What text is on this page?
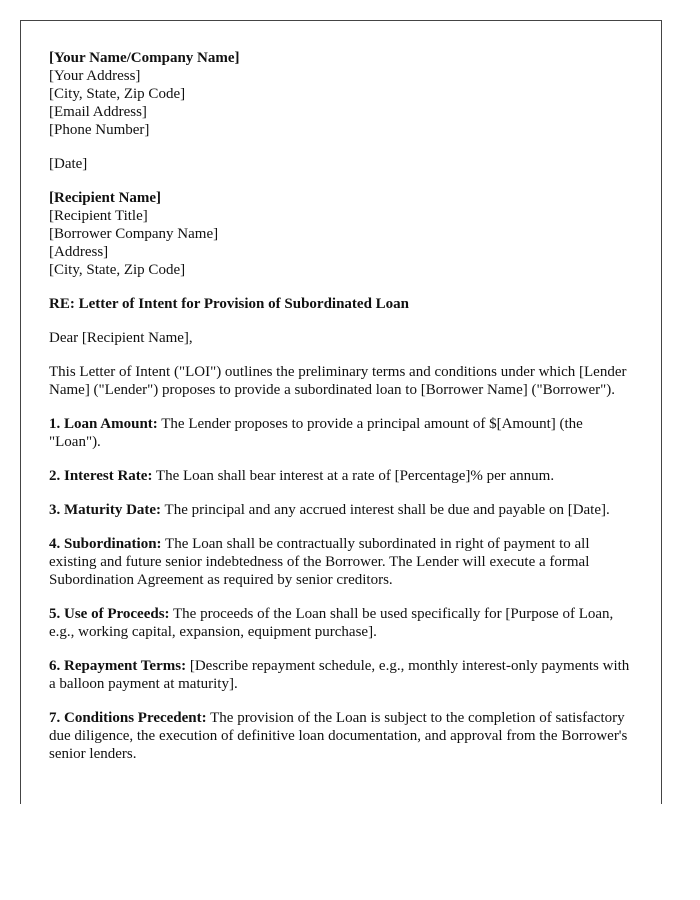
[Your Name/Company Name]
[Your Address]
[City, State, Zip Code]
[Email Address]
[Phone Number]

[Date]

[Recipient Name]
[Recipient Title]
[Borrower Company Name]
[Address]
[City, State, Zip Code]

RE: Letter of Intent for Provision of Subordinated Loan

Dear [Recipient Name],

This Letter of Intent ("LOI") outlines the preliminary terms and conditions under which [Lender Name] ("Lender") proposes to provide a subordinated loan to [Borrower Name] ("Borrower").

1. Loan Amount: The Lender proposes to provide a principal amount of $[Amount] (the "Loan").

2. Interest Rate: The Loan shall bear interest at a rate of [Percentage]% per annum.

3. Maturity Date: The principal and any accrued interest shall be due and payable on [Date].

4. Subordination: The Loan shall be contractually subordinated in right of payment to all existing and future senior indebtedness of the Borrower. The Lender will execute a formal Subordination Agreement as required by senior creditors.

5. Use of Proceeds: The proceeds of the Loan shall be used specifically for [Purpose of Loan, e.g., working capital, expansion, equipment purchase].

6. Repayment Terms: [Describe repayment schedule, e.g., monthly interest-only payments with a balloon payment at maturity].

7. Conditions Precedent: The provision of the Loan is subject to the completion of satisfactory due diligence, the execution of definitive loan documentation, and approval from the Borrower's senior lenders.
